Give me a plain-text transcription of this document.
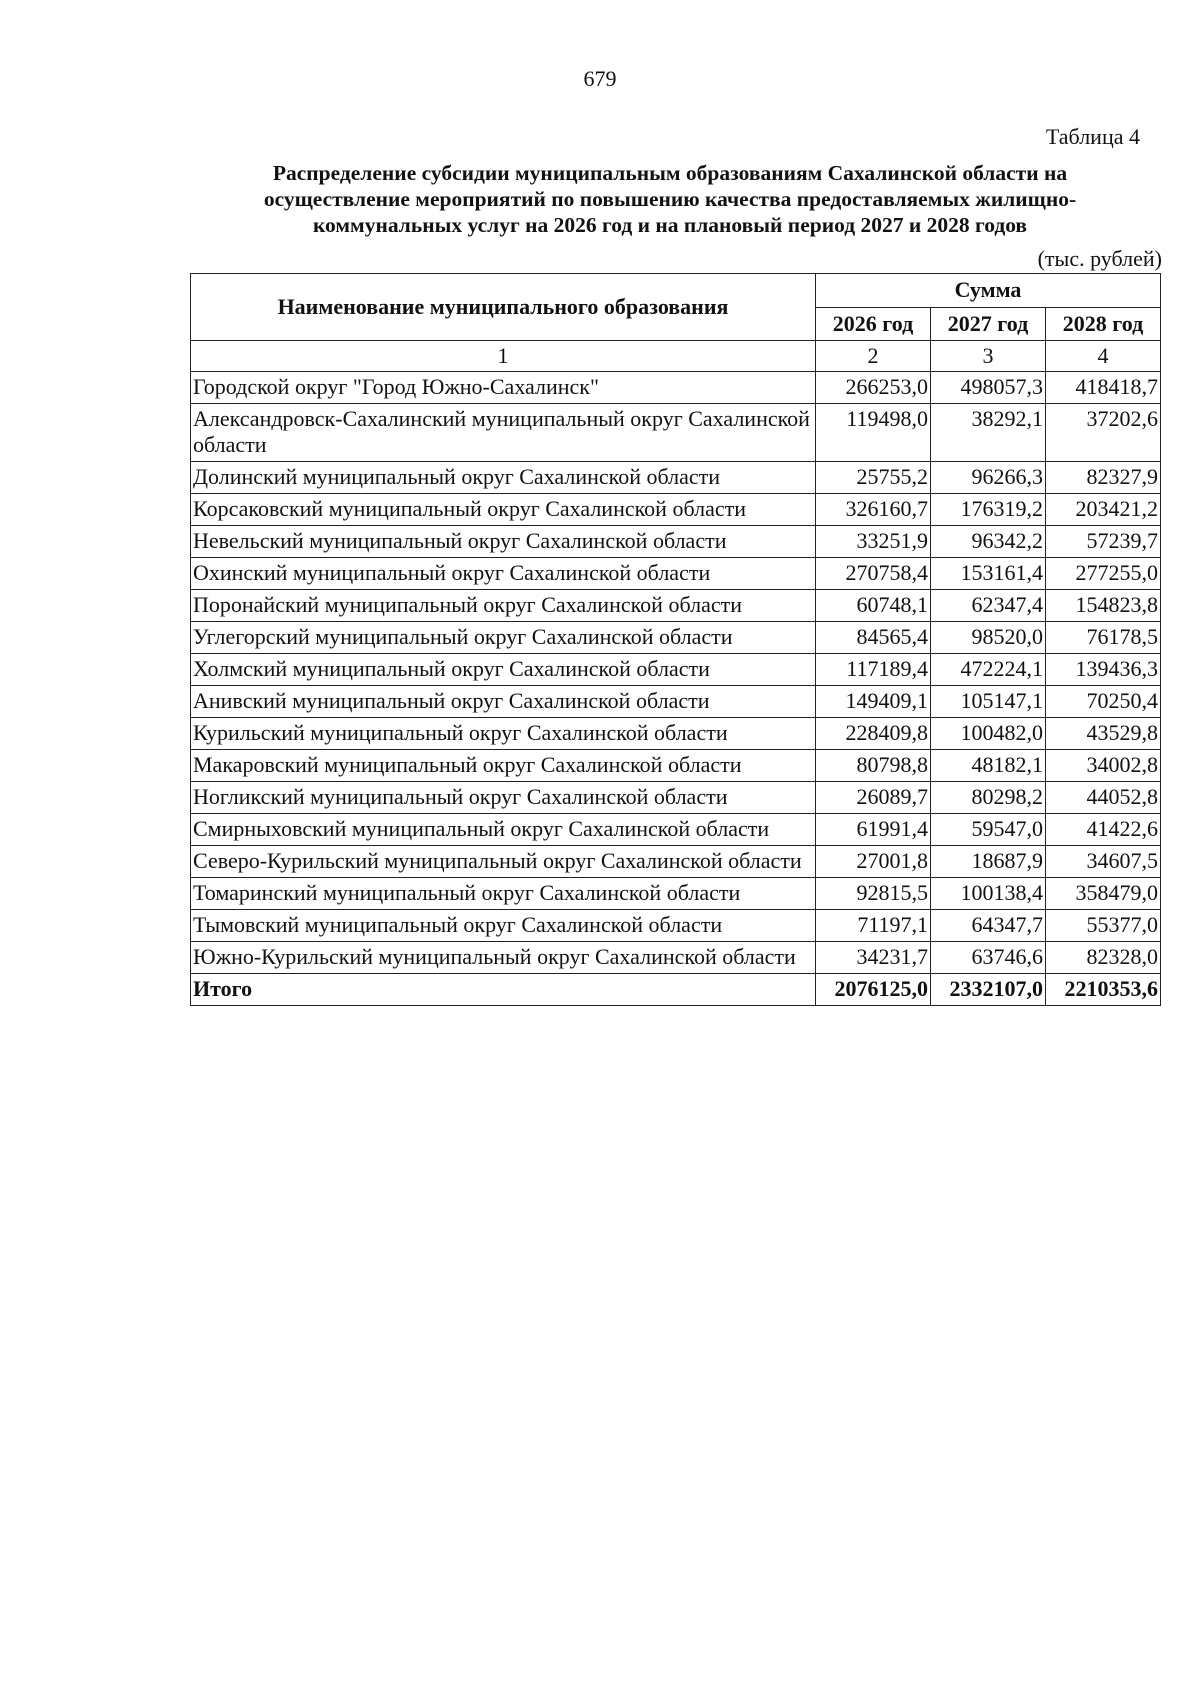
679
Таблица 4
Распределение субсидии муниципальным образованиям Сахалинской области на
осуществление мероприятий по повышению качества предоставляемых жилищно-
коммунальных услуг на 2026 год и на плановый период 2027 и 2028 годов
(тыс. рублей)
Наименование муниципального образования	Сумма		
	2026 год	2027 год	2028 год
1	2	3	4
Городской округ "Город Южно-Сахалинск"	266253,0	498057,3	418418,7
Александровск-Сахалинский муниципальный округ Сахалинской области	119498,0	38292,1	37202,6
Долинский муниципальный округ Сахалинской области	25755,2	96266,3	82327,9
Корсаковский муниципальный округ Сахалинской области	326160,7	176319,2	203421,2
Невельский муниципальный округ Сахалинской области	33251,9	96342,2	57239,7
Охинский муниципальный округ Сахалинской области	270758,4	153161,4	277255,0
Поронайский муниципальный округ Сахалинской области	60748,1	62347,4	154823,8
Углегорский муниципальный округ Сахалинской области	84565,4	98520,0	76178,5
Холмский муниципальный округ Сахалинской области	117189,4	472224,1	139436,3
Анивский муниципальный округ Сахалинской области	149409,1	105147,1	70250,4
Курильский муниципальный округ Сахалинской области	228409,8	100482,0	43529,8
Макаровский муниципальный округ Сахалинской области	80798,8	48182,1	34002,8
Ногликский муниципальный округ Сахалинской области	26089,7	80298,2	44052,8
Смирныховский муниципальный округ Сахалинской области	61991,4	59547,0	41422,6
Северо-Курильский муниципальный округ Сахалинской области	27001,8	18687,9	34607,5
Томаринский муниципальный округ Сахалинской области	92815,5	100138,4	358479,0
Тымовский муниципальный округ Сахалинской области	71197,1	64347,7	55377,0
Южно-Курильский муниципальный округ Сахалинской области	34231,7	63746,6	82328,0
Итого	2076125,0	2332107,0	2210353,6
